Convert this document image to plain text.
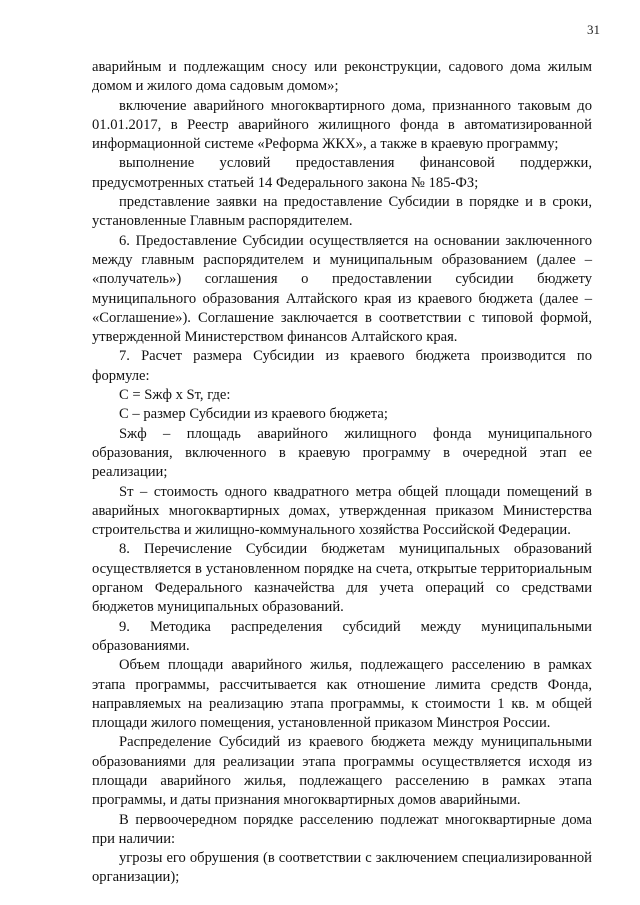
31

аварийным и подлежащим сносу или реконструкции, садового дома жилым домом и жилого дома садовым домом»;

включение аварийного многоквартирного дома, признанного таковым до 01.01.2017, в Реестр аварийного жилищного фонда в автоматизированной информационной системе «Реформа ЖКХ», а также в краевую программу;

выполнение условий предоставления финансовой поддержки, предусмотренных статьей 14 Федерального закона № 185-ФЗ;

представление заявки на предоставление Субсидии в порядке и в сроки, установленные Главным распорядителем.

6. Предоставление Субсидии осуществляется на основании заключенного между главным распорядителем и муниципальным образованием (далее – «получатель») соглашения о предоставлении субсидии бюджету муниципального образования Алтайского края из краевого бюджета (далее – «Соглашение»). Соглашение заключается в соответствии с типовой формой, утвержденной Министерством финансов Алтайского края.

7. Расчет размера Субсидии из краевого бюджета производится по формуле:

C = Sжф x Sт, где:

C – размер Субсидии из краевого бюджета;

Sжф – площадь аварийного жилищного фонда муниципального образования, включенного в краевую программу в очередной этап ее реализации;

Sт – стоимость одного квадратного метра общей площади помещений в аварийных многоквартирных домах, утвержденная приказом Министерства строительства и жилищно-коммунального хозяйства Российской Федерации.

8. Перечисление Субсидии бюджетам муниципальных образований осуществляется в установленном порядке на счета, открытые территориальным органом Федерального казначейства для учета операций со средствами бюджетов муниципальных образований.

9. Методика распределения субсидий между муниципальными образованиями.

Объем площади аварийного жилья, подлежащего расселению в рамках этапа программы, рассчитывается как отношение лимита средств Фонда, направляемых на реализацию этапа программы, к стоимости 1 кв. м общей площади жилого помещения, установленной приказом Минстроя России.

Распределение Субсидий из краевого бюджета между муниципальными образованиями для реализации этапа программы осуществляется исходя из площади аварийного жилья, подлежащего расселению в рамках этапа программы, и даты признания многоквартирных домов аварийными.

В первоочередном порядке расселению подлежат многоквартирные дома при наличии:

угрозы его обрушения (в соответствии с заключением специализированной организации);
